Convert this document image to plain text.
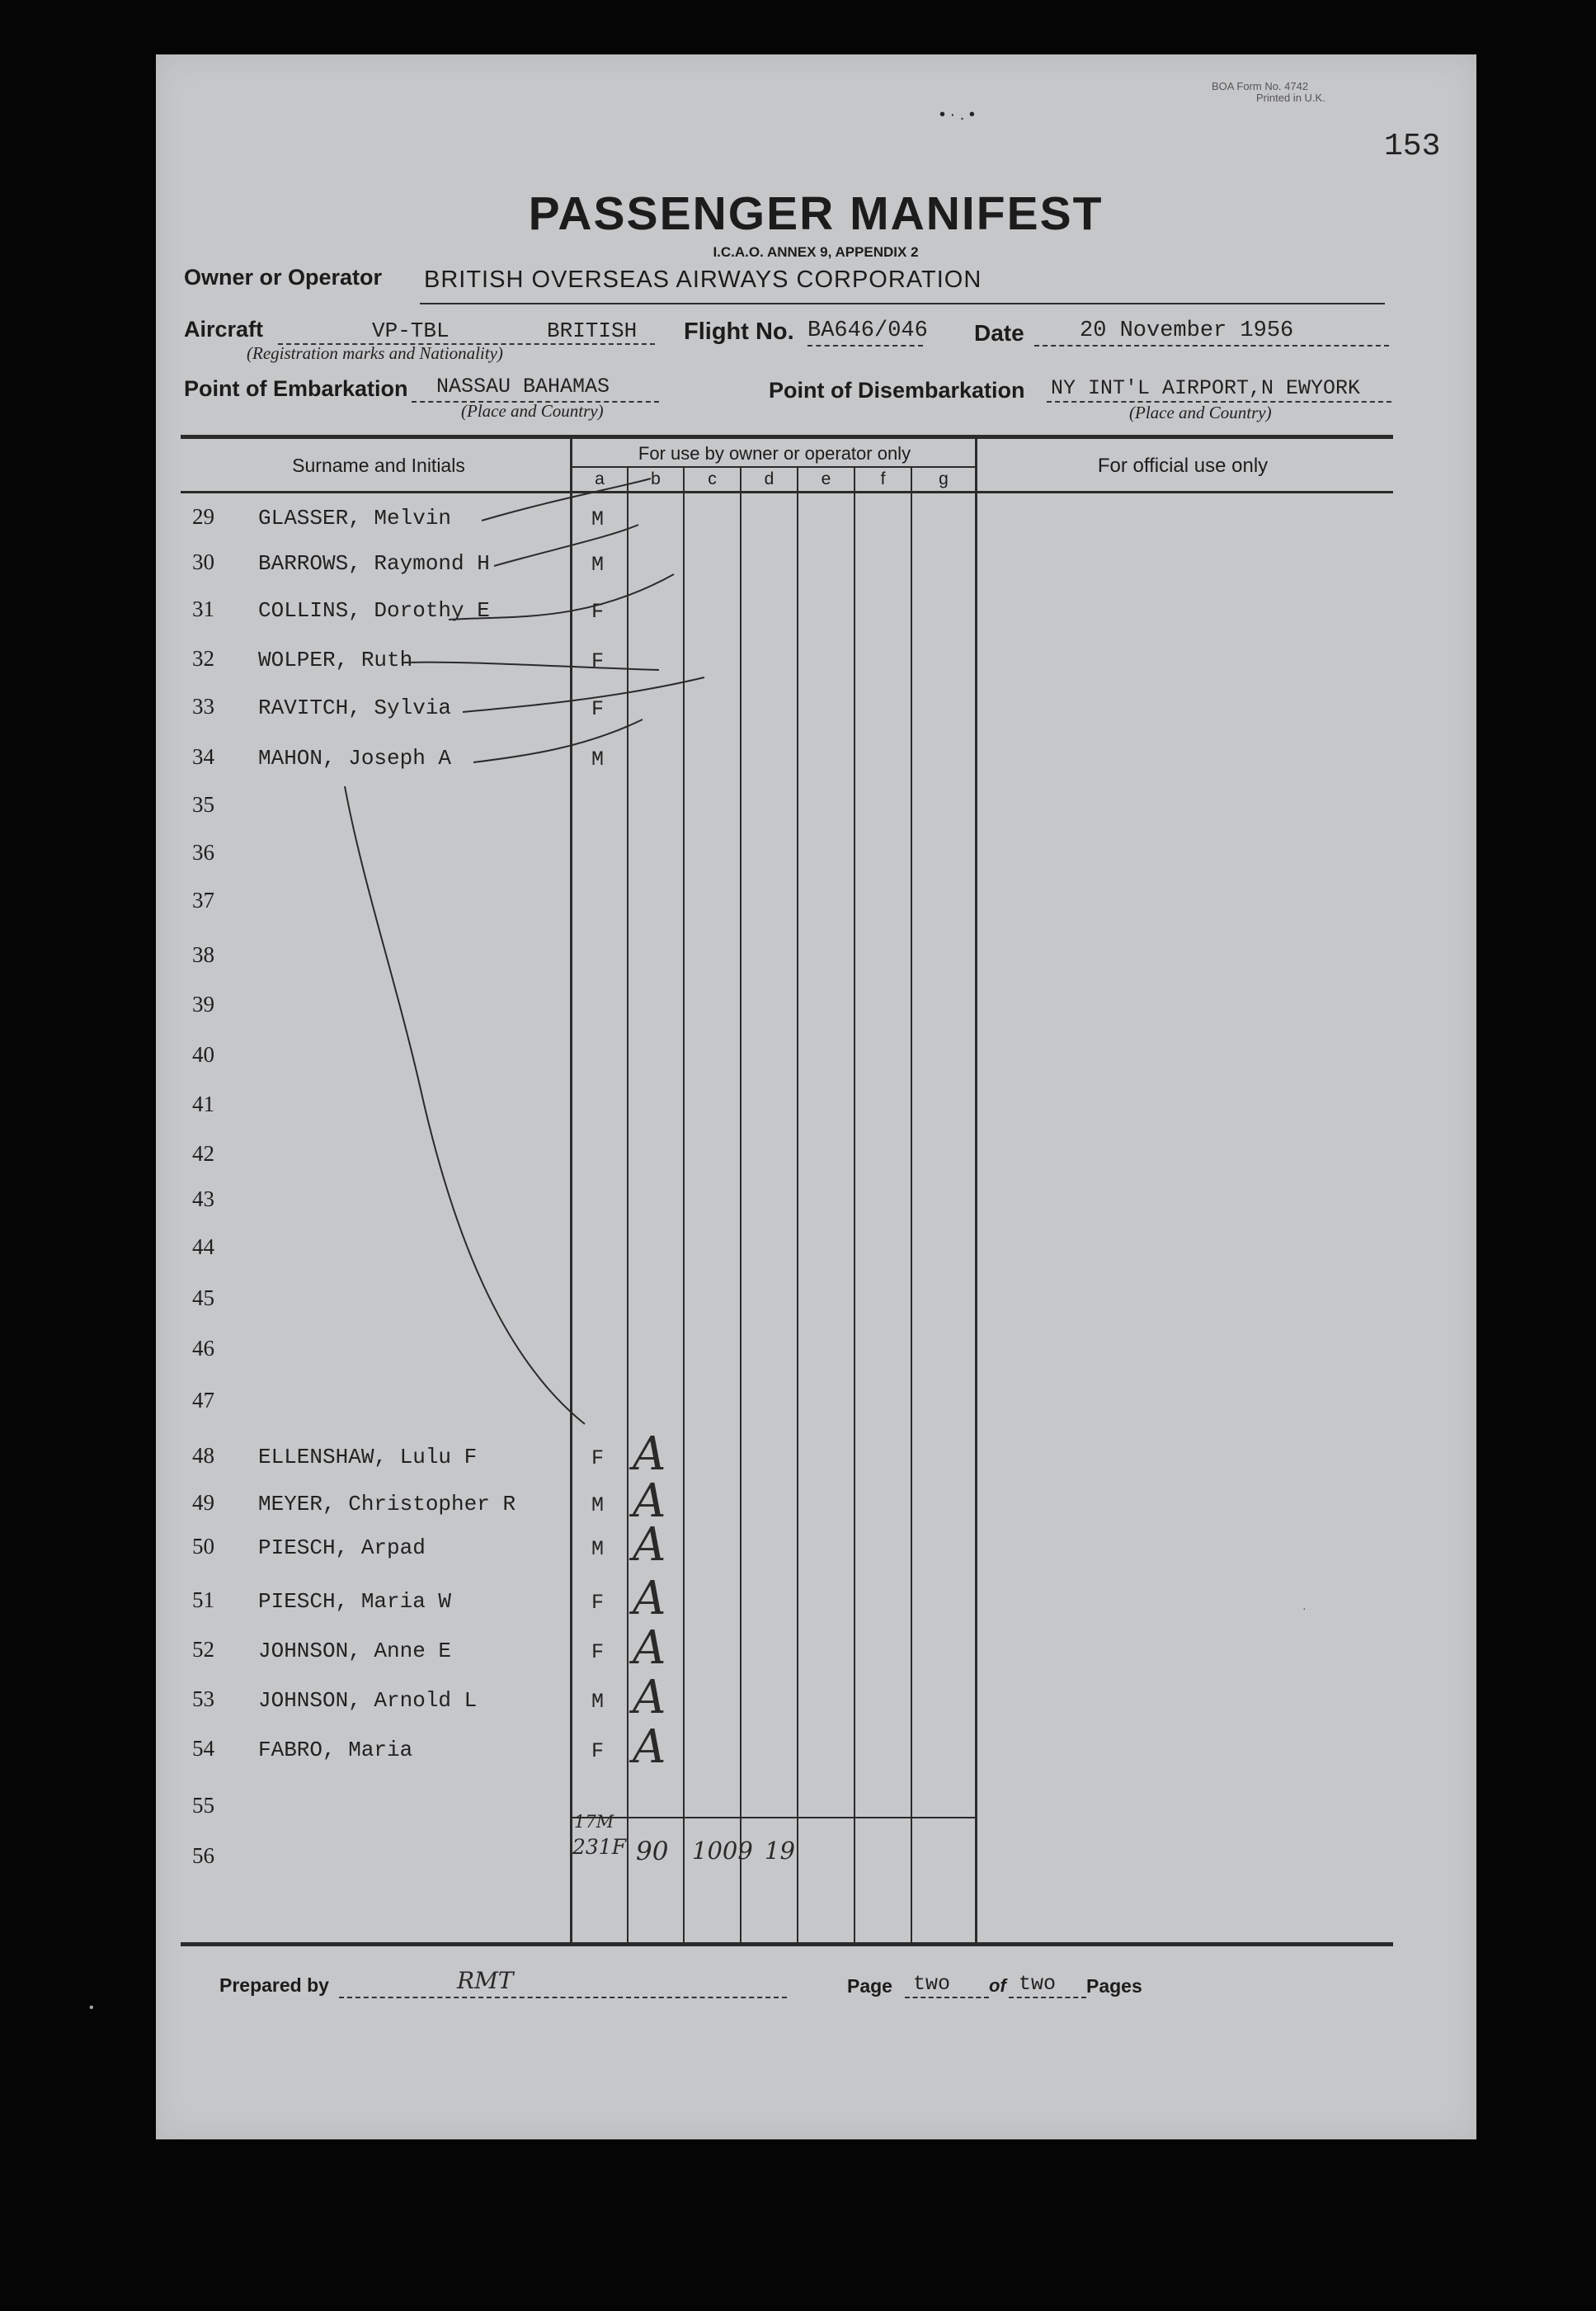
BOA Form No. 4742
Printed in U.K.
• · . •
153
PASSENGER MANIFEST
I.C.A.O. ANNEX 9, APPENDIX 2
Owner or Operator BRITISH OVERSEAS AIRWAYS CORPORATION
Aircraft	VP-TBL	BRITISH
(Registration marks and Nationality)
Flight No. BA646/046 Date 20 November 1956
Point of Embarkation NASSAU BAHAMAS
(Place and Country)
Point of Disembarkation NY INT'L AIRPORT,N EWYORK
(Place and Country)
Surname and Initials
For use by owner or operator only
For official use only
a	b	c	d	e	f	g
29 GLASSER, Melvin	M
30 BARROWS, Raymond H	M
31 COLLINS, Dorothy E	F
32 WOLPER, Ruth	F
33 RAVITCH, Sylvia	F
34 MAHON, Joseph A	M
35
36
37
38
39
40
41
42
43
44
45
46
47
48 ELLENSHAW, Lulu F	F A
49 MEYER, Christopher R	M A
50 PIESCH, Arpad	M A
51 PIESCH, Maria W	F A
52 JOHNSON, Anne E	F A
53 JOHNSON, Arnold L	M A
54 FABRO, Maria	F A
55
56
17M
231F 90 1009 19
Prepared by	RMT	Page two of two Pages
·
•
